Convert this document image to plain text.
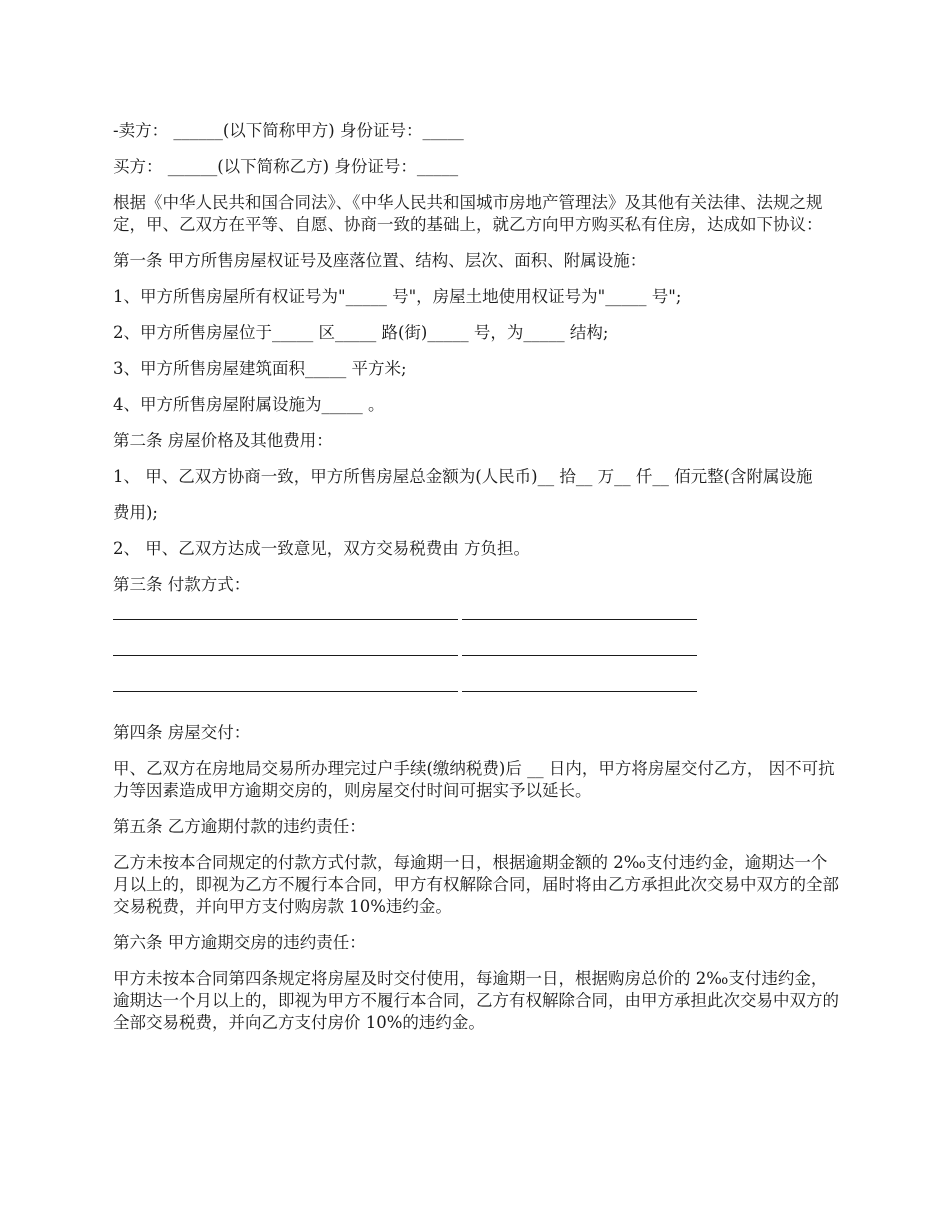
-卖方： ______(以下简称甲方) 身份证号：_____

买方： ______(以下简称乙方) 身份证号：_____

根据《中华人民共和国合同法》、《中华人民共和国城市房地产管理法》及其他有关法律、法规之规定，甲、乙双方在平等、自愿、协商一致的基础上，就乙方向甲方购买私有住房，达成如下协议：

第一条 甲方所售房屋权证号及座落位置、结构、层次、面积、附属设施：

1、甲方所售房屋所有权证号为"_____ 号"，房屋土地使用权证号为"_____ 号";

2、甲方所售房屋位于_____ 区_____ 路(街)_____ 号，为_____ 结构;

3、甲方所售房屋建筑面积_____ 平方米;

4、甲方所售房屋附属设施为_____ 。

第二条 房屋价格及其他费用：

1、 甲、乙双方协商一致，甲方所售房屋总金额为(人民币)__ 拾__ 万__ 仟__ 佰元整(含附属设施

费用);

2、 甲、乙双方达成一致意见，双方交易税费由 方负担。

第三条 付款方式：

第四条 房屋交付：

甲、乙双方在房地局交易所办理完过户手续(缴纳税费)后 __ 日内，甲方将房屋交付乙方， 因不可抗力等因素造成甲方逾期交房的，则房屋交付时间可据实予以延长。

第五条 乙方逾期付款的违约责任：

乙方未按本合同规定的付款方式付款，每逾期一日，根据逾期金额的 2‰支付违约金，逾期达一个月以上的，即视为乙方不履行本合同，甲方有权解除合同，届时将由乙方承担此次交易中双方的全部交易税费，并向甲方支付购房款 10%违约金。

第六条 甲方逾期交房的违约责任：

甲方未按本合同第四条规定将房屋及时交付使用，每逾期一日，根据购房总价的 2‰支付违约金，逾期达一个月以上的，即视为甲方不履行本合同，乙方有权解除合同，由甲方承担此次交易中双方的全部交易税费，并向乙方支付房价 10%的违约金。
